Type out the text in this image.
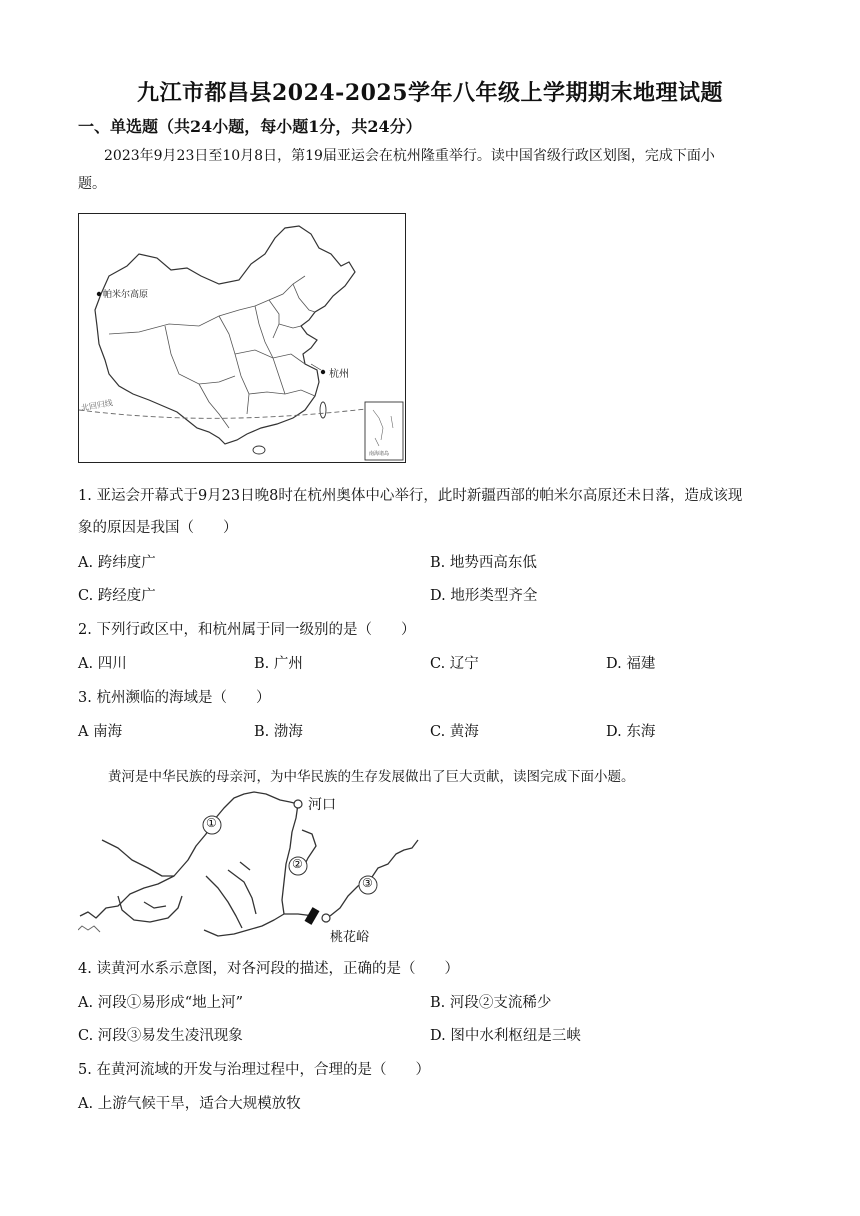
九江市都昌县2024-2025学年八年级上学期期末地理试题
一、单选题（共24小题，每小题1分，共24分）
2023年9月23日至10月8日，第19届亚运会在杭州隆重举行。读中国省级行政区划图，完成下面小
题。
帕米尔高原
杭州
北回归线
南海诸岛
1. 亚运会开幕式于9月23日晚8时在杭州奥体中心举行，此时新疆西部的帕米尔高原还未日落，造成该现
象的原因是我国（　　）
A. 跨纬度广	B. 地势西高东低
C. 跨经度广	D. 地形类型齐全
2. 下列行政区中，和杭州属于同一级别的是（　　）
A. 四川	B. 广州	C. 辽宁	D. 福建
3. 杭州濒临的海域是（　　）
A 南海	B. 渤海	C. 黄海	D. 东海
黄河是中华民族的母亲河，为中华民族的生存发展做出了巨大贡献，读图完成下面小题。
①
②
③
河口
桃花峪
4. 读黄河水系示意图，对各河段的描述，正确的是（　　）
A. 河段①易形成“地上河”	B. 河段②支流稀少
C. 河段③易发生凌汛现象	D. 图中水利枢纽是三峡
5. 在黄河流域的开发与治理过程中，合理的是（　　）
A. 上游气候干旱，适合大规模放牧
